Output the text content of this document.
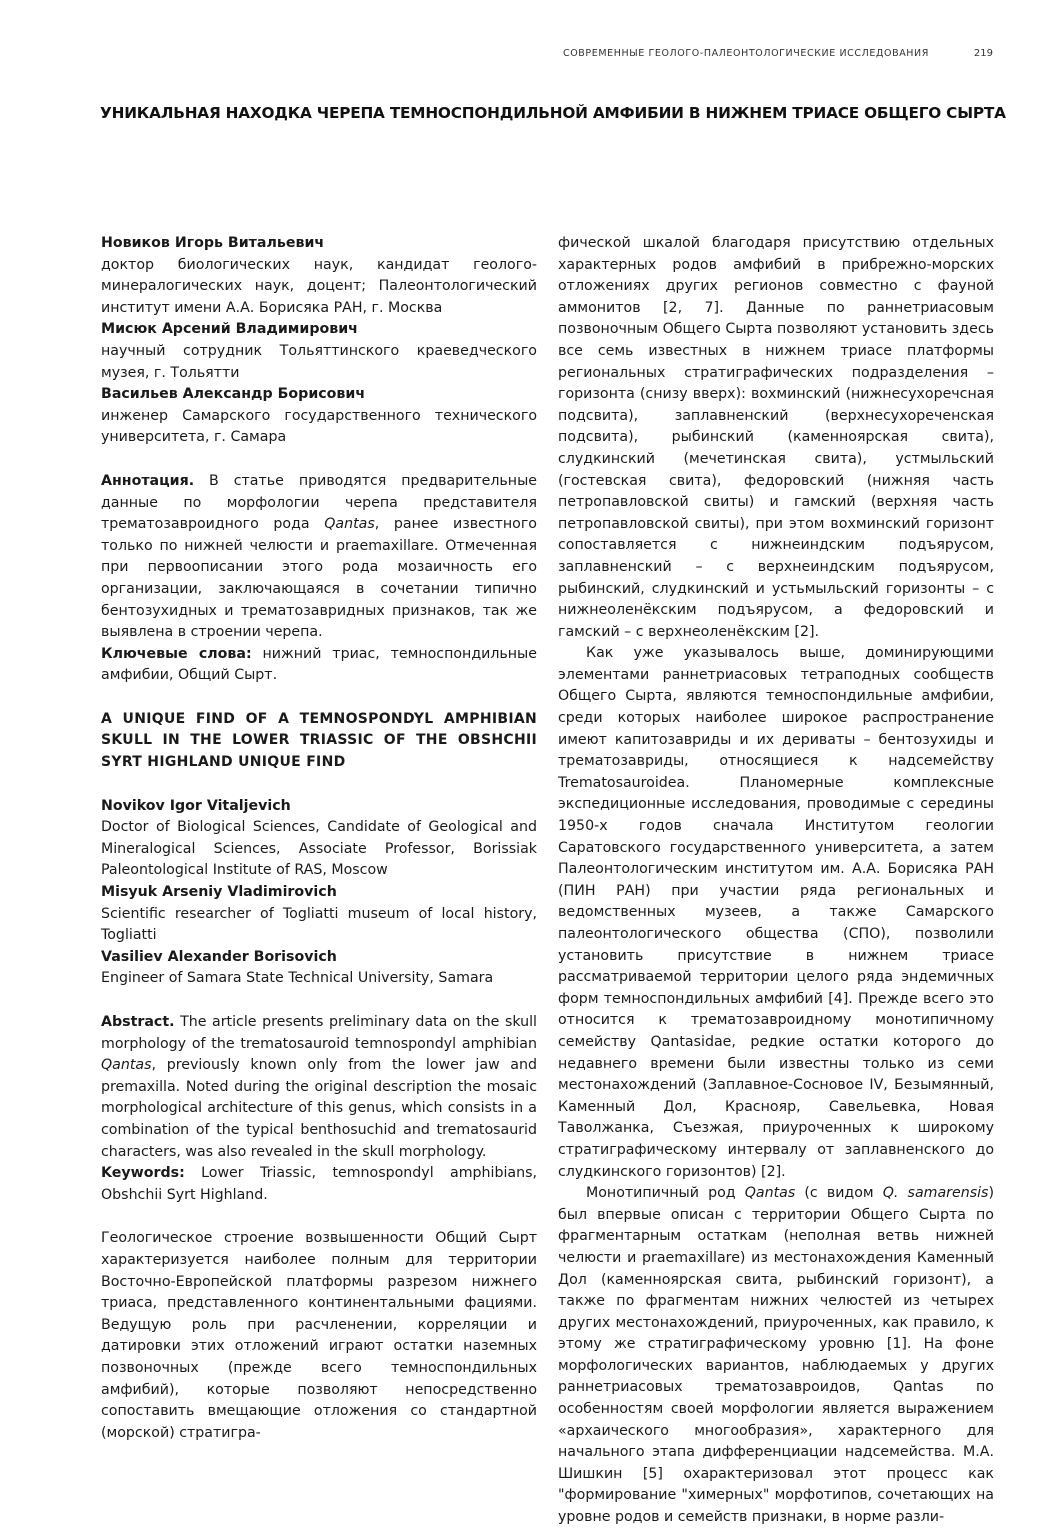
СОВРЕМЕННЫЕ ГЕОЛОГО-ПАЛЕОНТОЛОГИЧЕСКИЕ ИССЛЕДОВАНИЯ	219
УНИКАЛЬНАЯ НАХОДКА ЧЕРЕПА ТЕМНОСПОНДИЛЬНОЙ АМФИБИИ В НИЖНЕМ ТРИАСЕ ОБЩЕГО СЫРТА

Новиков Игорь Витальевич

доктор биологических наук, кандидат геолого-минералогических наук, доцент; Палеонтологический институт имени А.А. Борисяка РАН, г. Москва

Мисюк Арсений Владимирович

научный сотрудник Тольяттинского краеведческого музея, г. Тольятти

Васильев Александр Борисович

инженер Самарского государственного технического университета, г. Самара

Аннотация. В статье приводятся предварительные данные по морфологии черепа представителя трематозавроидного рода Qantas, ранее известного только по нижней челюсти и praemaxillare. Отмеченная при первоописании этого рода мозаичность его организации, заключающаяся в сочетании типично бентозухидных и трематозавридных признаков, так же выявлена в строении черепа.

Ключевые слова: нижний триас, темноспондильные амфибии, Общий Сырт.

A UNIQUE FIND OF A TEMNOSPONDYL AMPHIBIAN SKULL IN THE LOWER TRIASSIC OF THE OBSHCHII SYRT HIGHLAND UNIQUE FIND

Novikov Igor Vitaljevich

Doctor of Biological Sciences, Candidate of Geological and Mineralogical Sciences, Associate Professor, Borissiak Paleontological Institute of RAS, Moscow

Misyuk Arseniy Vladimirovich

Scientific researcher of Togliatti museum of local history, Togliatti

Vasiliev Alexander Borisovich

Engineer of Samara State Technical University, Samara

Abstract. The article presents preliminary data on the skull morphology of the trematosauroid temnospondyl amphibian Qantas, previously known only from the lower jaw and premaxilla. Noted during the original description the mosaic morphological architecture of this genus, which consists in a combination of the typical benthosuchid and trematosaurid characters, was also revealed in the skull morphology.

Keywords: Lower Triassic, temnospondyl amphibians, Obshchii Syrt Highland.

Геологическое строение возвышенности Общий Сырт характеризуется наиболее полным для территории Восточно-Европейской платформы разрезом нижнего триаса, представленного континентальными фациями. Ведущую роль при расчленении, корреляции и датировки этих отложений играют остатки наземных позвоночных (прежде всего темноспондильных амфибий), которые позволяют непосредственно сопоставить вмещающие отложения со стандартной (морской) стратигра-

фической шкалой благодаря присутствию отдельных характерных родов амфибий в прибрежно-морских отложениях других регионов совместно с фауной аммонитов [2, 7]. Данные по раннетриасовым позвоночным Общего Сырта позволяют установить здесь все семь известных в нижнем триасе платформы региональных стратиграфических подразделения – горизонта (снизу вверх): вохминский (нижнесухоречсная подсвита), заплавненский (верхнесухореченская подсвита), рыбинский (каменноярская свита), слудкинский (мечетинская свита), устмыльский (гостевская свита), федоровский (нижняя часть петропавловской свиты) и гамский (верхняя часть петропавловской свиты), при этом вохминский горизонт сопоставляется с нижнеиндским подъярусом, заплавненский – с верхнеиндским подъярусом, рыбинский, слудкинский и устьмыльский горизонты – с нижнеоленёкским подъярусом, а федоровский и гамский – с верхнеоленёкским [2].

Как уже указывалось выше, доминирующими элементами раннетриасовых тетраподных сообществ Общего Сырта, являются темноспондильные амфибии, среди которых наиболее широкое распространение имеют капитозавриды и их дериваты – бентозухиды и трематозавриды, относящиеся к надсемейству Trematosauroidea. Планомерные комплексные экспедиционные исследования, проводимые с середины 1950-х годов сначала Институтом геологии Саратовского государственного университета, а затем Палеонтологическим институтом им. А.А. Борисяка РАН (ПИН РАН) при участии ряда региональных и ведомственных музеев, а также Самарского палеонтологического общества (СПО), позволили установить присутствие в нижнем триасе рассматриваемой территории целого ряда эндемичных форм темноспондильных амфибий [4]. Прежде всего это относится к трематозавроидному монотипичному семейству Qantasidae, редкие остатки которого до недавнего времени были известны только из семи местонахождений (Заплавное-Сосновое IV, Безымянный, Каменный Дол, Краснояр, Савельевка, Новая Таволжанка, Съезжая, приуроченных к широкому стратиграфическому интервалу от заплавненского до слудкинского горизонтов) [2].

Монотипичный род Qantas (с видом Q. samarensis) был впервые описан с территории Общего Сырта по фрагментарным остаткам (неполная ветвь нижней челюсти и praemaxillare) из местонахождения Каменный Дол (каменноярская свита, рыбинский горизонт), а также по фрагментам нижних челюстей из четырех других местонахождений, приуроченных, как правило, к этому же стратиграфическому уровню [1]. На фоне морфологических вариантов, наблюдаемых у других раннетриасовых трематозавроидов, Qantas по особенностям своей морфологии является выражением «архаического многообразия», характерного для начального этапа дифференциации надсемейства. М.А. Шишкин [5] охарактеризовал этот процесс как "формирование "химерных" морфотипов, сочетающих на уровне родов и семейств признаки, в норме разли-
